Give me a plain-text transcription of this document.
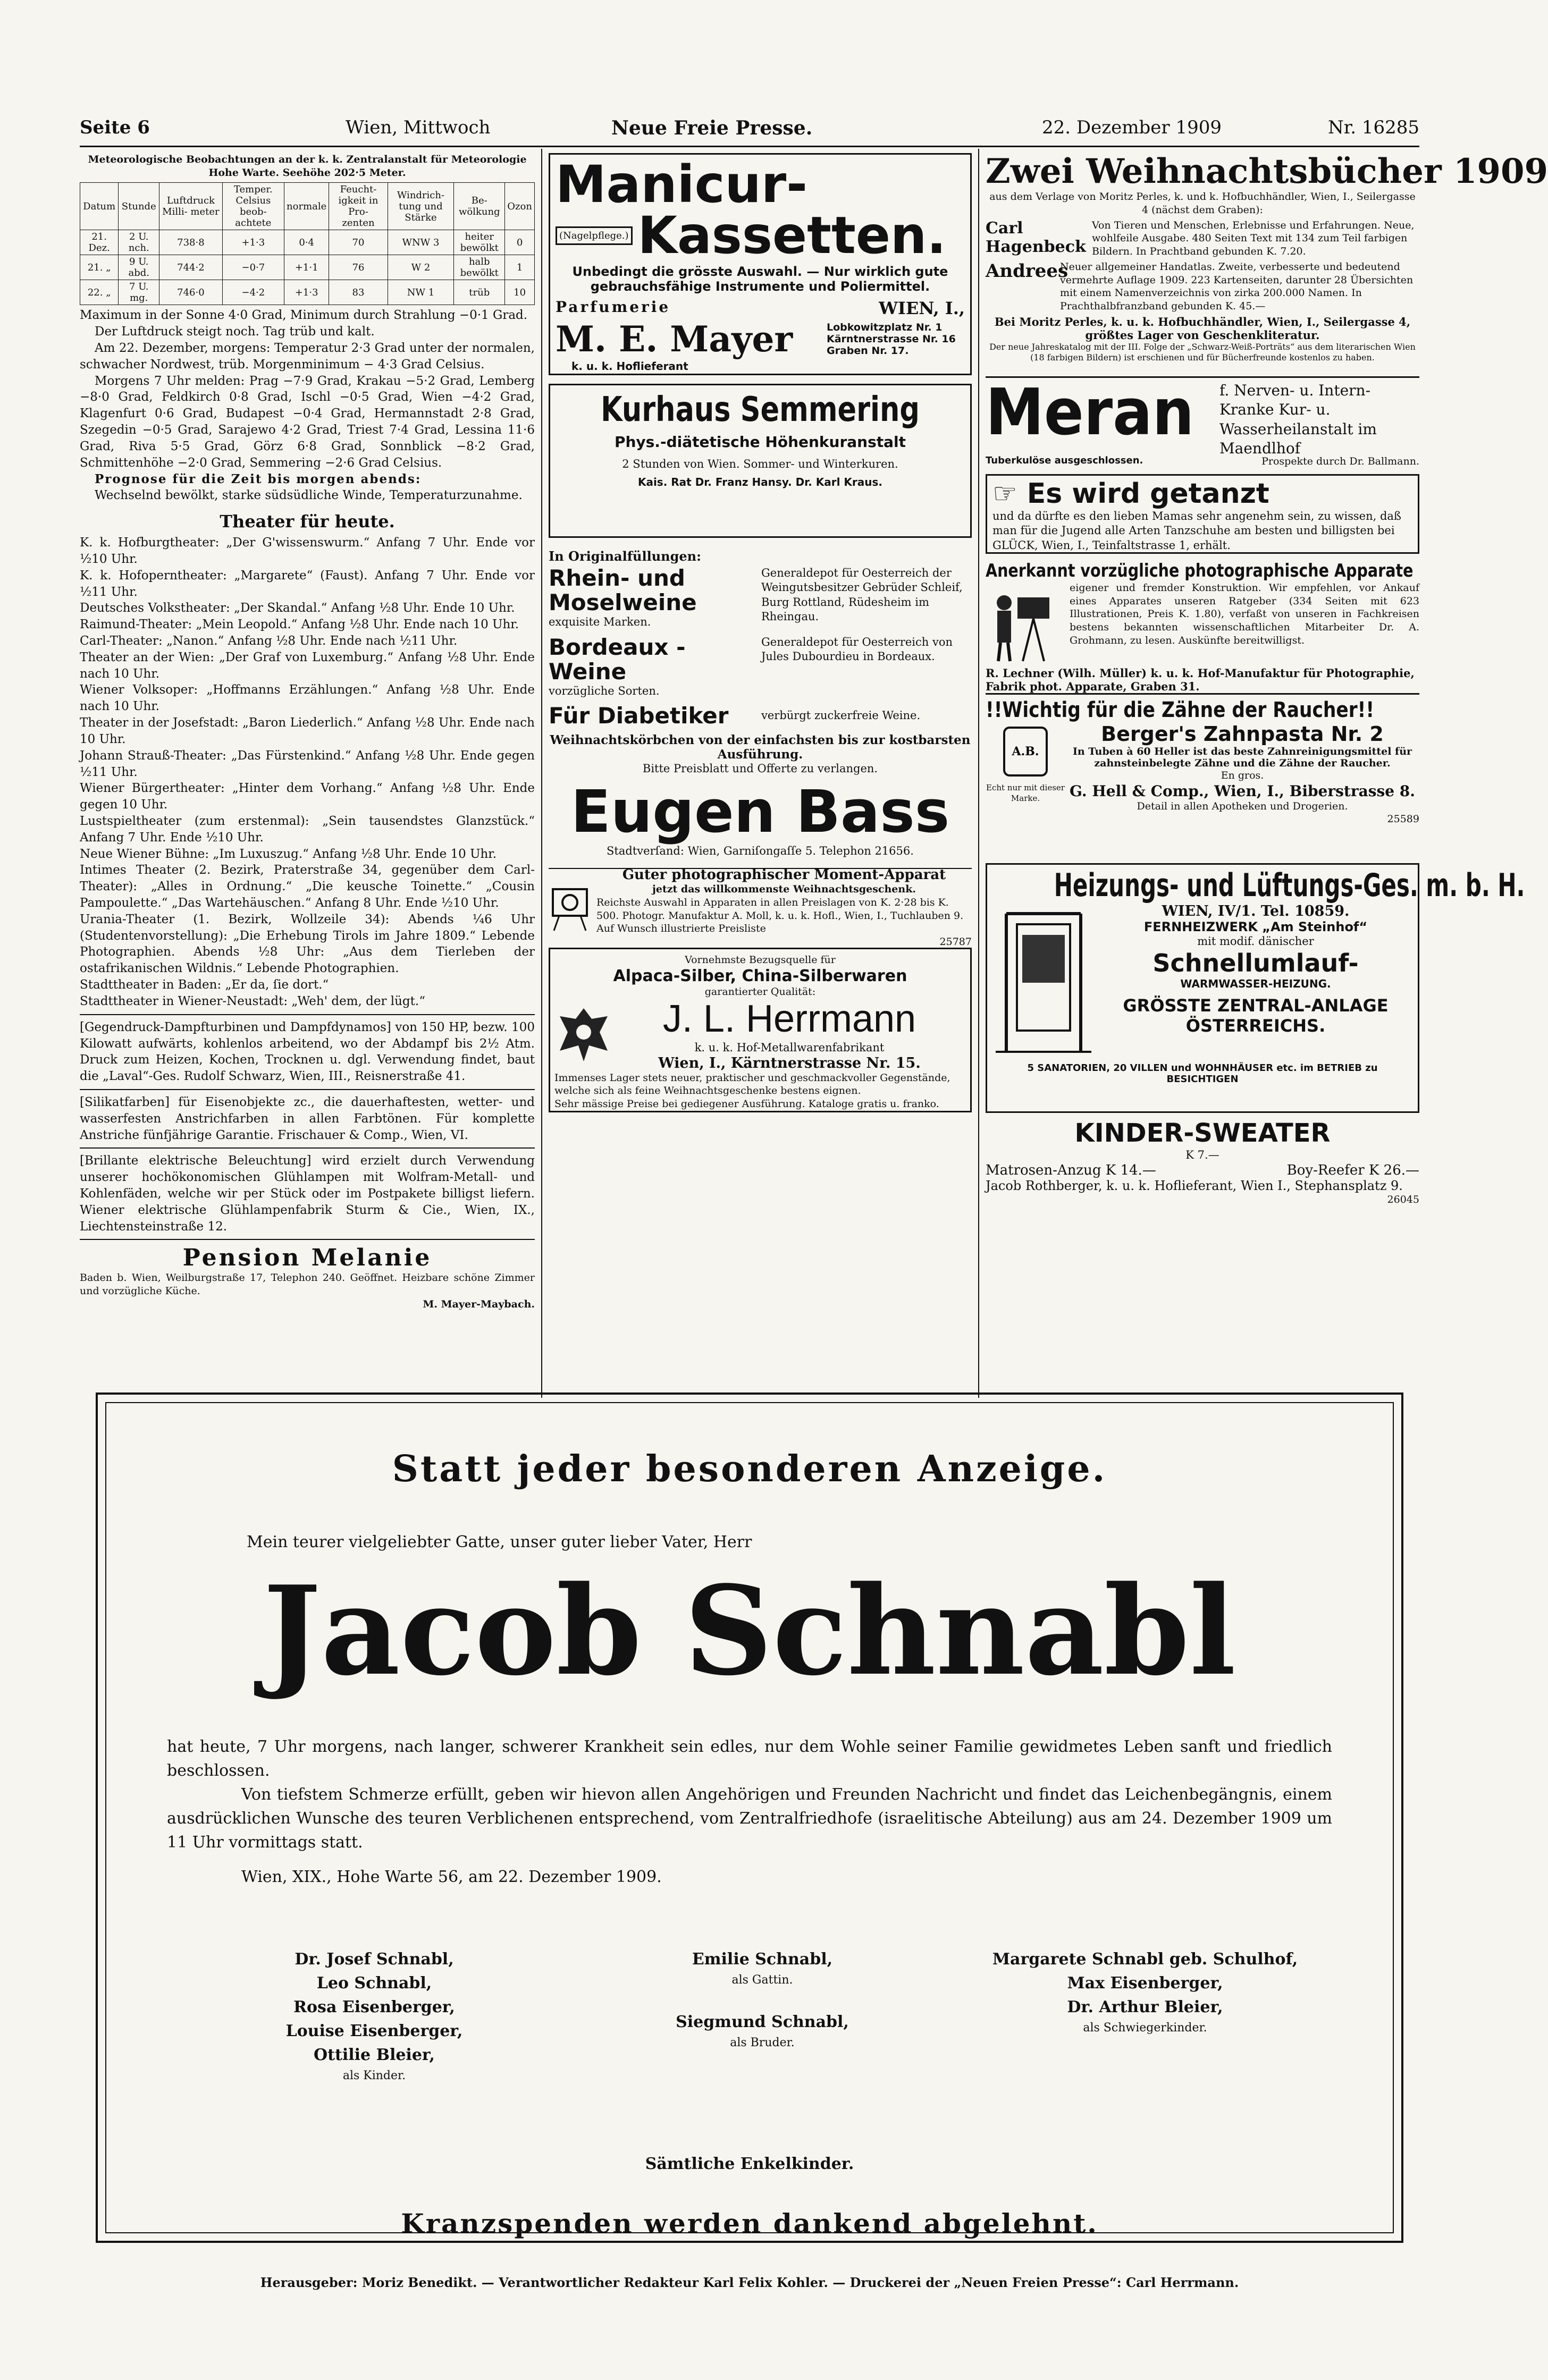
Seite 6	Wien, Mittwoch	Neue Freie Presse.	22. Dezember 1909	Nr. 16285
Meteorologische Beobachtungen an der k. k. Zentralanstalt für Meteorologie Hohe Warte. Seehöhe 202·5 Meter.
Datum	Stunde	Luftdruck Milli- meter	Temper. Celsius beob- achtete	normale	Feucht- igkeit in Pro- zenten	Windrich- tung und Stärke	Be- wölkung	Ozon
21. Dez.	2 U. nch.	738·8	+1·3	0·4	70	WNW 3	heiter bewölkt	0
21. „	9 U. abd.	744·2	−0·7	+1·1	76	W 2	halb bewölkt	1
22. „	7 U. mg.	746·0	−4·2	+1·3	83	NW 1	trüb	10
Maximum in der Sonne 4·0 Grad, Minimum durch Strahlung −0·1 Grad.
Der Luftdruck steigt noch. Tag trüb und kalt.
Am 22. Dezember, morgens: Temperatur 2·3 Grad unter der normalen, schwacher Nordwest, trüb. Morgenminimum − 4·3 Grad Celsius.
Morgens 7 Uhr melden: Prag −7·9 Grad, Krakau −5·2 Grad, Lemberg −8·0 Grad, Feldkirch 0·8 Grad, Ischl −0·5 Grad, Wien −4·2 Grad, Klagenfurt 0·6 Grad, Budapest −0·4 Grad, Hermannstadt 2·8 Grad, Szegedin −0·5 Grad, Sarajewo 4·2 Grad, Triest 7·4 Grad, Lessina 11·6 Grad, Riva 5·5 Grad, Görz 6·8 Grad, Sonnblick −8·2 Grad, Schmittenhöhe −2·0 Grad, Semmering −2·6 Grad Celsius.
Prognose für die Zeit bis morgen abends:
Wechselnd bewölkt, starke südsüdliche Winde, Temperaturzunahme.
Theater für heute.
K. k. Hofburgtheater: „Der G'wissenswurm.“ Anfang 7 Uhr. Ende vor ½10 Uhr.
K. k. Hofoperntheater: „Margarete“ (Faust). Anfang 7 Uhr. Ende vor ½11 Uhr.
Deutsches Volkstheater: „Der Skandal.“ Anfang ½8 Uhr. Ende 10 Uhr.
Raimund-Theater: „Mein Leopold.“ Anfang ½8 Uhr. Ende nach 10 Uhr.
Carl-Theater: „Nanon.“ Anfang ½8 Uhr. Ende nach ½11 Uhr.
Theater an der Wien: „Der Graf von Luxemburg.“ Anfang ½8 Uhr. Ende nach 10 Uhr.
Wiener Volksoper: „Hoffmanns Erzählungen.“ Anfang ½8 Uhr. Ende nach 10 Uhr.
Theater in der Josefstadt: „Baron Liederlich.“ Anfang ½8 Uhr. Ende nach 10 Uhr.
Johann Strauß-Theater: „Das Fürstenkind.“ Anfang ½8 Uhr. Ende gegen ½11 Uhr.
Wiener Bürgertheater: „Hinter dem Vorhang.“ Anfang ½8 Uhr. Ende gegen 10 Uhr.
Lustspieltheater (zum erstenmal): „Sein tausendstes Glanzstück.“ Anfang 7 Uhr. Ende ½10 Uhr.
Neue Wiener Bühne: „Im Luxuszug.“ Anfang ½8 Uhr. Ende 10 Uhr.
Intimes Theater (2. Bezirk, Praterstraße 34, gegenüber dem Carl-Theater): „Alles in Ordnung.“ „Die keusche Toinette.“ „Cousin Pampoulette.“ „Das Wartehäuschen.“ Anfang 8 Uhr. Ende ½10 Uhr.
Urania-Theater (1. Bezirk, Wollzeile 34): Abends ¼6 Uhr (Studentenvorstellung): „Die Erhebung Tirols im Jahre 1809.“ Lebende Photographien. Abends ½8 Uhr: „Aus dem Tierleben der ostafrikanischen Wildnis.“ Lebende Photographien.
Stadttheater in Baden: „Er da, ſie dort.“
Stadttheater in Wiener-Neustadt: „Weh' dem, der lügt.“
[Gegendruck-Dampfturbinen und Dampfdynamos] von 150 HP, bezw. 100 Kilowatt aufwärts, kohlenlos arbeitend, wo der Abdampf bis 2½ Atm. Druck zum Heizen, Kochen, Trocknen u. dgl. Verwendung findet, baut die „Laval“-Ges. Rudolf Schwarz, Wien, III., Reisnerstraße 41.
[Silikatfarben] für Eisenobjekte zc., die dauerhaftesten, wetter- und wasserfesten Anstrichfarben in allen Farbtönen. Für komplette Anstriche fünfjährige Garantie. Frischauer & Comp., Wien, VI.
[Brillante elektrische Beleuchtung] wird erzielt durch Verwendung unserer hochökonomischen Glühlampen mit Wolfram-Metall- und Kohlenfäden, welche wir per Stück oder im Postpakete billigst liefern. Wiener elektrische Glühlampenfabrik Sturm & Cie., Wien, IX., Liechtensteinstraße 12.
Pension Melanie
Baden b. Wien, Weilburgstraße 17, Telephon 240. Geöffnet. Heizbare schöne Zimmer und vorzügliche Küche.
M. Mayer-Maybach.
Manicur-
(Nagelpflege.) Kassetten.
Unbedingt die grösste Auswahl. — Nur wirklich gute gebrauchsfähige Instrumente und Poliermittel.
Parfumerie	WIEN, I.,
M. E. Mayer	Lobkowitzplatz Nr. 1 Kärntnerstrasse Nr. 16 Graben Nr. 17.
k. u. k. Hoflieferant
Kurhaus Semmering
Phys.-diätetische Höhenkuranstalt
2 Stunden von Wien. Sommer- und Winterkuren.
Kais. Rat Dr. Franz Hansy. Dr. Karl Kraus.
In Originalfüllungen:
Rhein- und Moselweine
exquisite Marken.
Generaldepot für Oesterreich der Weingutsbesitzer Gebrüder Schleif, Burg Rottland, Rüdesheim im Rheingau.
Bordeaux - Weine
vorzügliche Sorten.
Generaldepot für Oesterreich von Jules Dubourdieu in Bordeaux.
Für Diabetiker	verbürgt zuckerfreie Weine.
Weihnachtskörbchen von der einfachsten bis zur kostbarsten Ausführung.
Bitte Preisblatt und Offerte zu verlangen.
Eugen Bass
Stadtverſand: Wien, Garniſongaſſe 5. Telephon 21656.
Guter photographischer Moment-Apparat
jetzt das willkommenste Weihnachtsgeschenk.
Reichste Auswahl in Apparaten in allen Preislagen von K. 2·28 bis K. 500. Photogr. Manufaktur A. Moll, k. u. k. Hofl., Wien, I., Tuchlauben 9. Auf Wunsch illustrierte Preisliste
25787
Vornehmste Bezugsquelle für
Alpaca-Silber, China-Silberwaren
garantierter Qualität:
J. L. Herrmann
k. u. k. Hof-Metallwarenfabrikant
Wien, I., Kärntnerstrasse Nr. 15.
Immenses Lager stets neuer, praktischer und geschmackvoller Gegenstände, welche sich als feine Weihnachtsgeschenke bestens eignen.
Sehr mässige Preise bei gediegener Ausführung. Kataloge gratis u. franko.
Zwei Weihnachtsbücher 1909
aus dem Verlage von Moritz Perles, k. und k. Hofbuchhändler, Wien, I., Seilergasse 4 (nächst dem Graben):
Carl Hagenbeck
Von Tieren und Menschen, Erlebnisse und Erfahrungen. Neue, wohlfeile Ausgabe. 480 Seiten Text mit 134 zum Teil farbigen Bildern. In Prachtband gebunden K. 7.20.
Andrees
Neuer allgemeiner Handatlas. Zweite, verbesserte und bedeutend vermehrte Auflage 1909. 223 Kartenseiten, darunter 28 Übersichten mit einem Namenverzeichnis von zirka 200.000 Namen. In Prachthalbfranzband gebunden K. 45.—
Bei Moritz Perles, k. u. k. Hofbuchhändler, Wien, I., Seilergasse 4, größtes Lager von Geschenkliteratur.
Der neue Jahreskatalog mit der III. Folge der „Schwarz-Weiß-Porträts“ aus dem literarischen Wien (18 farbigen Bildern) ist erschienen und für Bücherfreunde kostenlos zu haben.
Meran	f. Nerven- u. Intern-Kranke Kur- u. Wasserheilanstalt im Maendlhof
Tuberkulöse ausgeschlossen.	Prospekte durch Dr. Ballmann.
☞ Es wird getanzt
und da dürfte es den lieben Mamas sehr angenehm sein, zu wissen, daß man für die Jugend alle Arten Tanzschuhe am besten und billigsten bei GLÜCK, Wien, I., Teinfaltstrasse 1, erhält.
Anerkannt vorzügliche photographische Apparate
eigener und fremder Konstruktion. Wir empfehlen, vor Ankauf eines Apparates unseren Ratgeber (334 Seiten mit 623 Illustrationen, Preis K. 1.80), verfaßt von unseren in Fachkreisen bestens bekannten wissenschaftlichen Mitarbeiter Dr. A. Grohmann, zu lesen. Auskünfte bereitwilligst.
R. Lechner (Wilh. Müller) k. u. k. Hof-Manufaktur für Photographie, Fabrik phot. Apparate, Graben 31.
!!Wichtig für die Zähne der Raucher!!
A.B.
Echt nur mit dieser Marke.
Berger's Zahnpasta Nr. 2
In Tuben à 60 Heller ist das beste Zahnreinigungsmittel für zahnsteinbelegte Zähne und die Zähne der Raucher.
En gros.
G. Hell & Comp., Wien, I., Biberstrasse 8.
Detail in allen Apotheken und Drogerien.
25589
Heizungs- und Lüftungs-Ges. m. b. H.
WIEN, IV/1. Tel. 10859.
FERNHEIZWERK „Am Steinhof“
mit modif. dänischer
Schnellumlauf-
WARMWASSER-HEIZUNG.
GRÖSSTE ZENTRAL-ANLAGE ÖSTERREICHS.
5 SANATORIEN, 20 VILLEN und WOHNHÄUSER etc. im BETRIEB zu BESICHTIGEN
KINDER-SWEATER
K 7.—
Matrosen-Anzug K 14.—	Boy-Reefer K 26.—
Jacob Rothberger, k. u. k. Hoflieferant, Wien I., Stephansplatz 9.
26045
Statt jeder besonderen Anzeige.
Mein teurer vielgeliebter Gatte, unser guter lieber Vater, Herr
Jacob Schnabl
hat heute, 7 Uhr morgens, nach langer, schwerer Krankheit sein edles, nur dem Wohle seiner Familie gewidmetes Leben sanft und friedlich beschlossen.
Von tiefstem Schmerze erfüllt, geben wir hievon allen Angehörigen und Freunden Nachricht und findet das Leichenbegängnis, einem ausdrücklichen Wunsche des teuren Verblichenen entsprechend, vom Zentralfriedhofe (israelitische Abteilung) aus am 24. Dezember 1909 um 11 Uhr vormittags statt.
Wien, XIX., Hohe Warte 56, am 22. Dezember 1909.
Dr. Josef Schnabl,
Leo Schnabl,
Rosa Eisenberger,
Louise Eisenberger,
Ottilie Bleier,
als Kinder.
Emilie Schnabl,
als Gattin.
Siegmund Schnabl,
als Bruder.
Margarete Schnabl geb. Schulhof,
Max Eisenberger,
Dr. Arthur Bleier,
als Schwiegerkinder.
Sämtliche Enkelkinder.
Kranzspenden werden dankend abgelehnt.
Herausgeber: Moriz Benedikt. — Verantwortlicher Redakteur Karl Felix Kohler. — Druckerei der „Neuen Freien Presse“: Carl Herrmann.
